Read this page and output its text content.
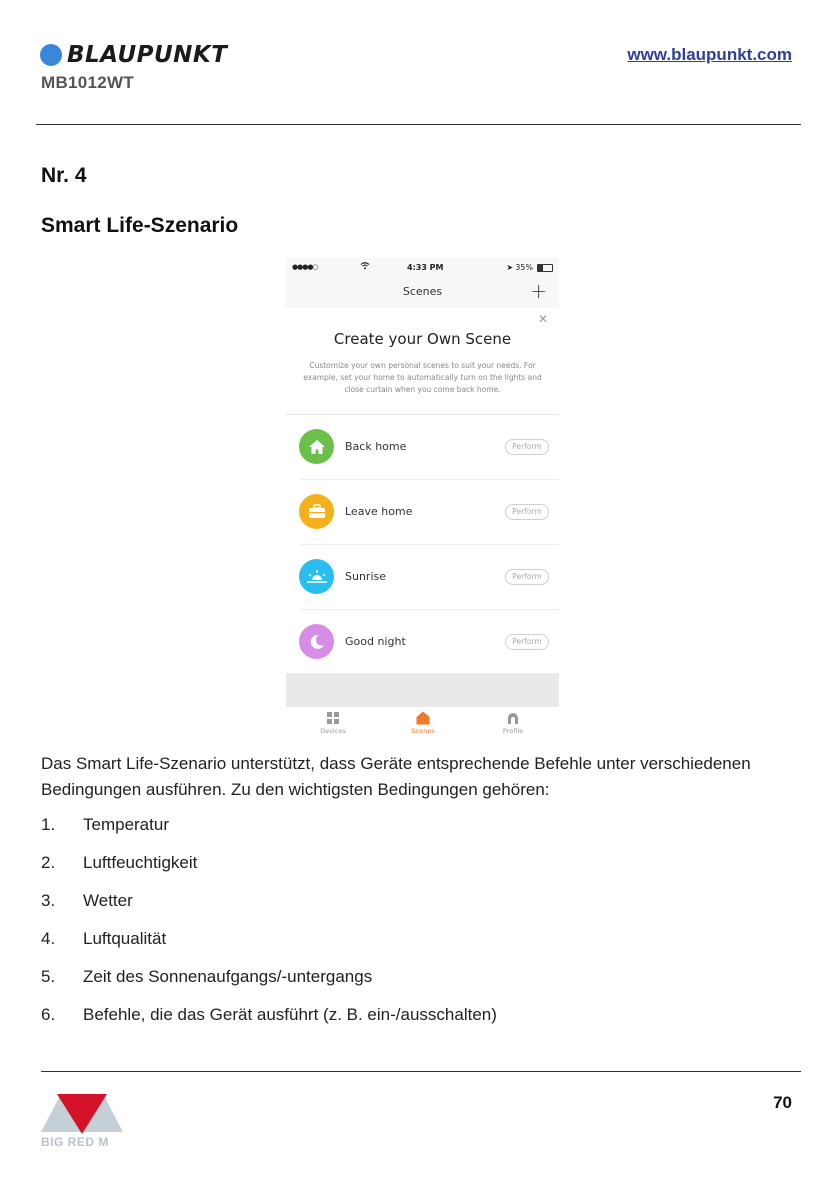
BLAUPUNKT
MB1012WT
www.blaupunkt.com
Nr. 4
Smart Life-Szenario
●●●●○	4:33 PM	➤ 35%
Scenes	+
✕
Create your Own Scene
Customize your own personal scenes to suit your needs. For example, set your home to automatically turn on the lights and close curtain when you come back home.
Back home	Perform
Leave home	Perform
Sunrise	Perform
Good night	Perform
Devices	Scenes	Profile
Das Smart Life-Szenario unterstützt, dass Geräte entsprechende Befehle unter verschiedenen Bedingungen ausführen. Zu den wichtigsten Bedingungen gehören:
1. Temperatur
2. Luftfeuchtigkeit
3. Wetter
4. Luftqualität
5. Zeit des Sonnenaufgangs/-untergangs
6. Befehle, die das Gerät ausführt (z. B. ein-/ausschalten)
BIG RED M
70
